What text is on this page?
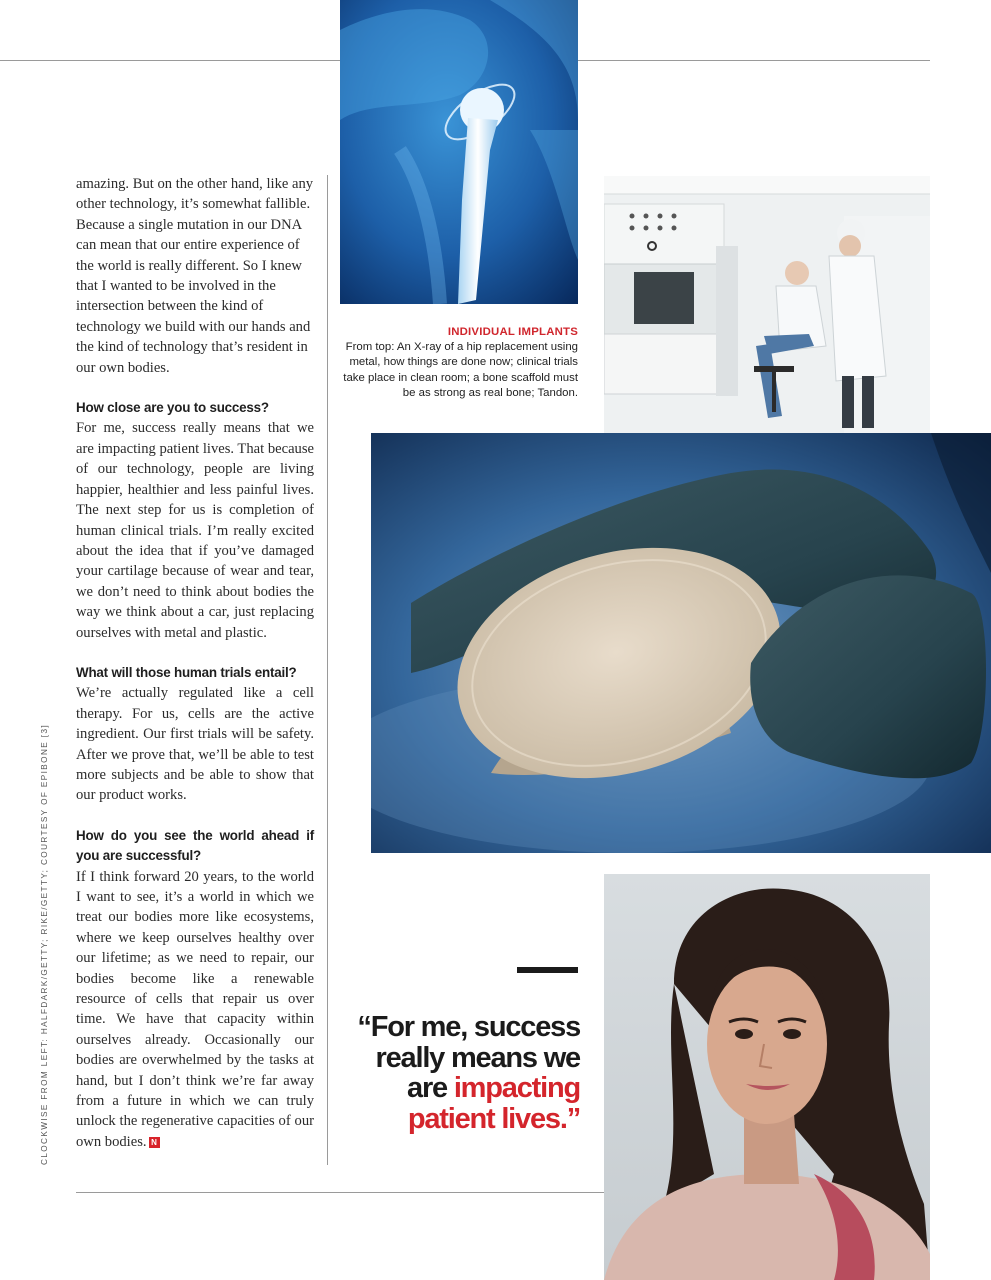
INDIVIDUAL IMPLANTS
From top: An X-ray of a hip replacement using metal, how things are done now; clinical trials take place in clean room; a bone scaffold must be as strong as real bone; Tandon.

amazing. But on the other hand, like any other technology, it’s somewhat fallible. Because a single mutation in our DNA can mean that our entire experience of the world is really different. So I knew that I wanted to be involved in the intersection between the kind of technology we build with our hands and the kind of technology that’s resident in our own bodies.

How close are you to success?
For me, success really means that we are impacting patient lives. That because of our technology, people are living happier, healthier and less painful lives. The next step for us is completion of human clinical trials. I’m really excited about the idea that if you’ve damaged your cartilage because of wear and tear, we don’t need to think about bodies the way we think about a car, just replacing ourselves with metal and plastic.

What will those human trials entail?
We’re actually regulated like a cell therapy. For us, cells are the active ingredient. Our first trials will be safety. After we prove that, we’ll be able to test more subjects and be able to show that our product works.

How do you see the world ahead if you are successful?
If I think forward 20 years, to the world I want to see, it’s a world in which we treat our bodies more like ecosystems, where we keep ourselves healthy over our lifetime; as we need to repair, our bodies become like a renewable resource of cells that repair us over time. We have that capacity within ourselves already. Occasionally our bodies are overwhelmed by the tasks at hand, but I don’t think we’re far away from a future in which we can truly unlock the regenerative capacities of our own bodies. N

CLOCKWISE FROM LEFT: HALFDARK/GETTY; RIKE/GETTY; COURTESY OF EPIBONE [3]	“For me, success really means we are impacting patient lives.”
